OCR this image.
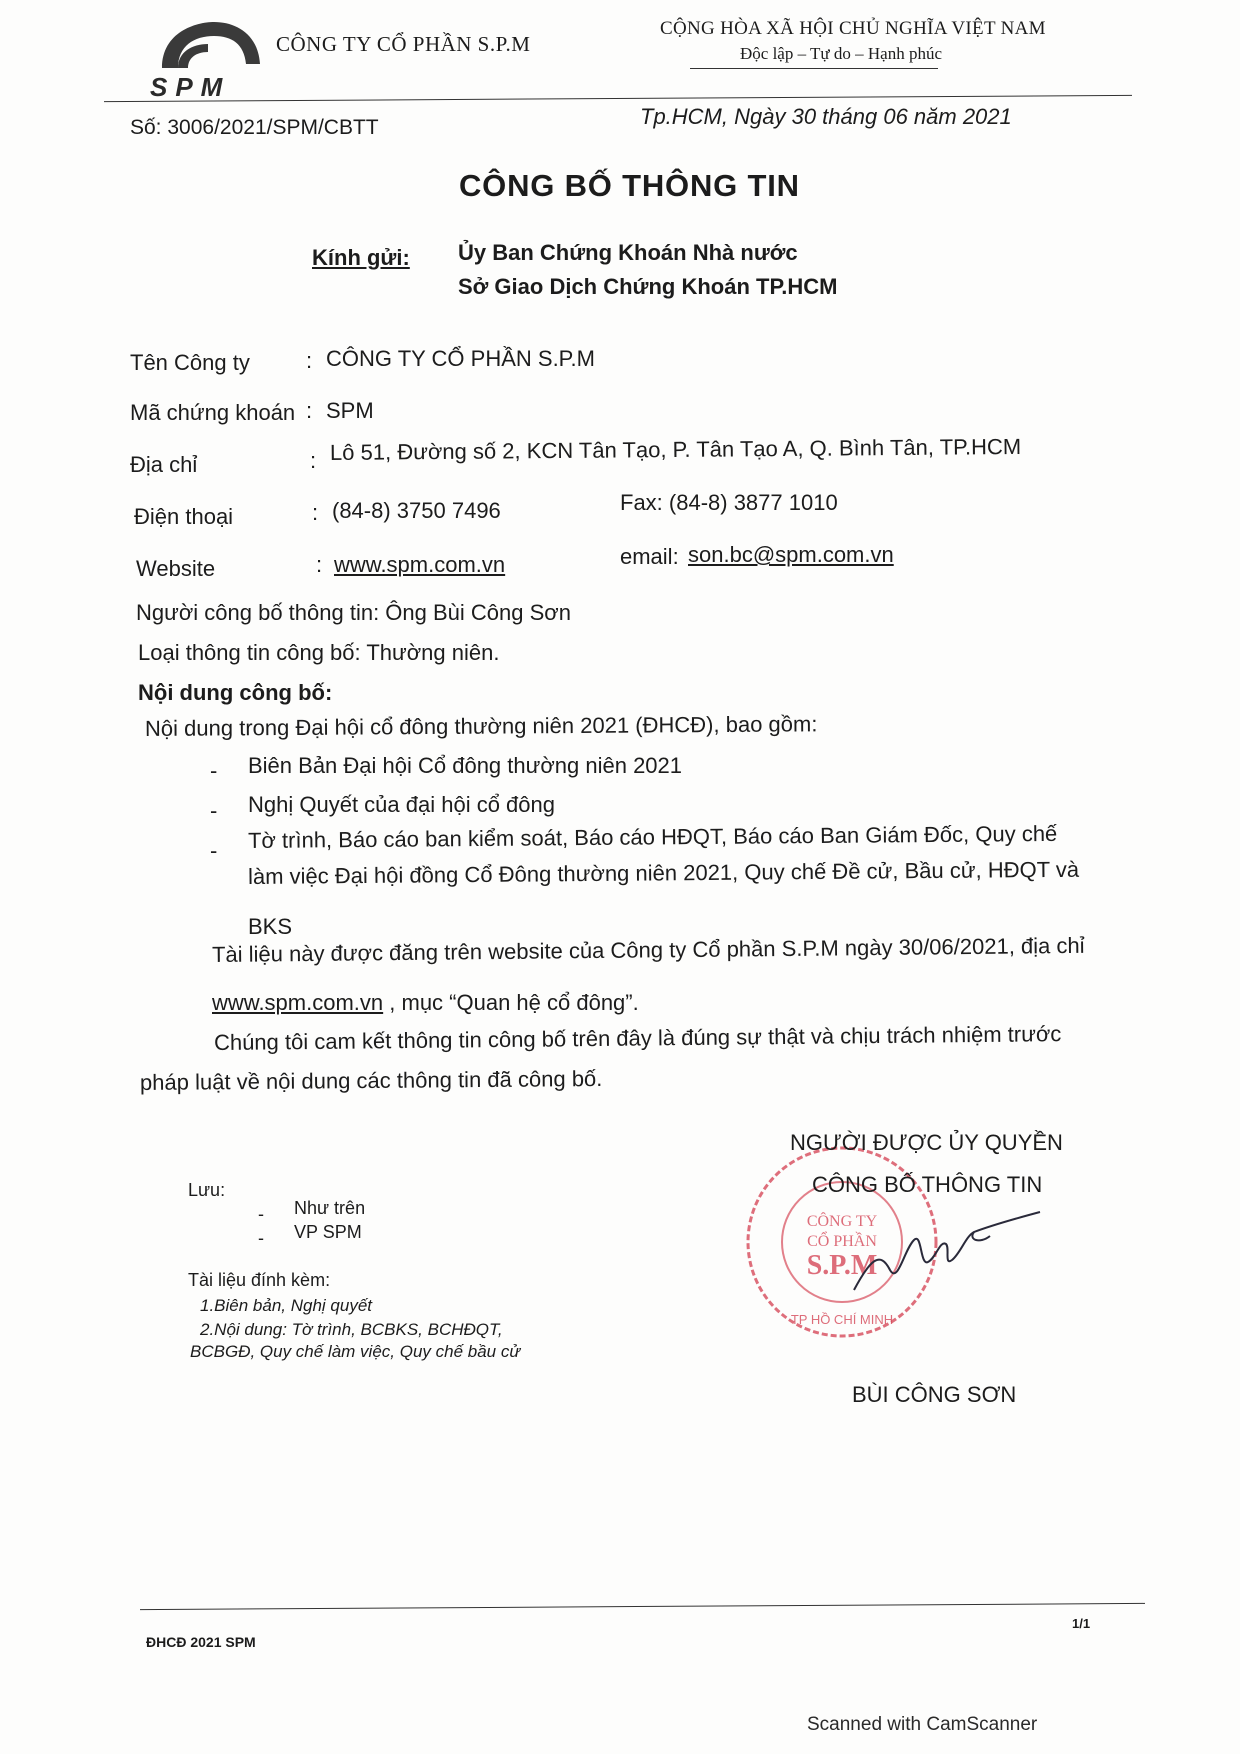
SPM
CÔNG TY CỔ PHẦN S.P.M
CỘNG HÒA XÃ HỘI CHỦ NGHĨA VIỆT NAM
Độc lập – Tự do – Hạnh phúc
Số: 3006/2021/SPM/CBTT	Tp.HCM, Ngày 30 tháng 06 năm 2021
CÔNG BỐ THÔNG TIN
Kính gửi: Ủy Ban Chứng Khoán Nhà nước
Sở Giao Dịch Chứng Khoán TP.HCM
Tên Công ty	: CÔNG TY CỔ PHẦN S.P.M
Mã chứng khoán : SPM
Địa chỉ	: Lô 51, Đường số 2, KCN Tân Tạo, P. Tân Tạo A, Q. Bình Tân, TP.HCM
Điện thoại	: (84-8) 3750 7496	Fax: (84-8) 3877 1010
Website	: www.spm.com.vn	email: son.bc@spm.com.vn
Người công bố thông tin: Ông Bùi Công Sơn
Loại thông tin công bố: Thường niên.
Nội dung công bố:
Nội dung trong Đại hội cổ đông thường niên 2021 (ĐHCĐ), bao gồm:
- Biên Bản Đại hội Cổ đông thường niên 2021
- Nghị Quyết của đại hội cổ đông
- Tờ trình, Báo cáo ban kiểm soát, Báo cáo HĐQT, Báo cáo Ban Giám Đốc, Quy chế
làm việc Đại hội đồng Cổ Đông thường niên 2021, Quy chế Đề cử, Bầu cử, HĐQT và
BKS
Tài liệu này được đăng trên website của Công ty Cổ phần S.P.M ngày 30/06/2021, địa chỉ
www.spm.com.vn , mục “Quan hệ cổ đông”.
Chúng tôi cam kết thông tin công bố trên đây là đúng sự thật và chịu trách nhiệm trước
pháp luật về nội dung các thông tin đã công bố.
Lưu:
- Như trên
- VP SPM
Tài liệu đính kèm:
1.Biên bản, Nghị quyết
2.Nội dung: Tờ trình, BCBKS, BCHĐQT,
BCBGĐ, Quy chế làm việc, Quy chế bầu cử
CÔNG TY
CỔ PHẦN
S.P.M
TP HỒ CHÍ MINH
NGƯỜI ĐƯỢC ỦY QUYỀN
CÔNG BỐ THÔNG TIN
BÙI CÔNG SƠN
1/1
ĐHCĐ 2021 SPM
Scanned with CamScanner
